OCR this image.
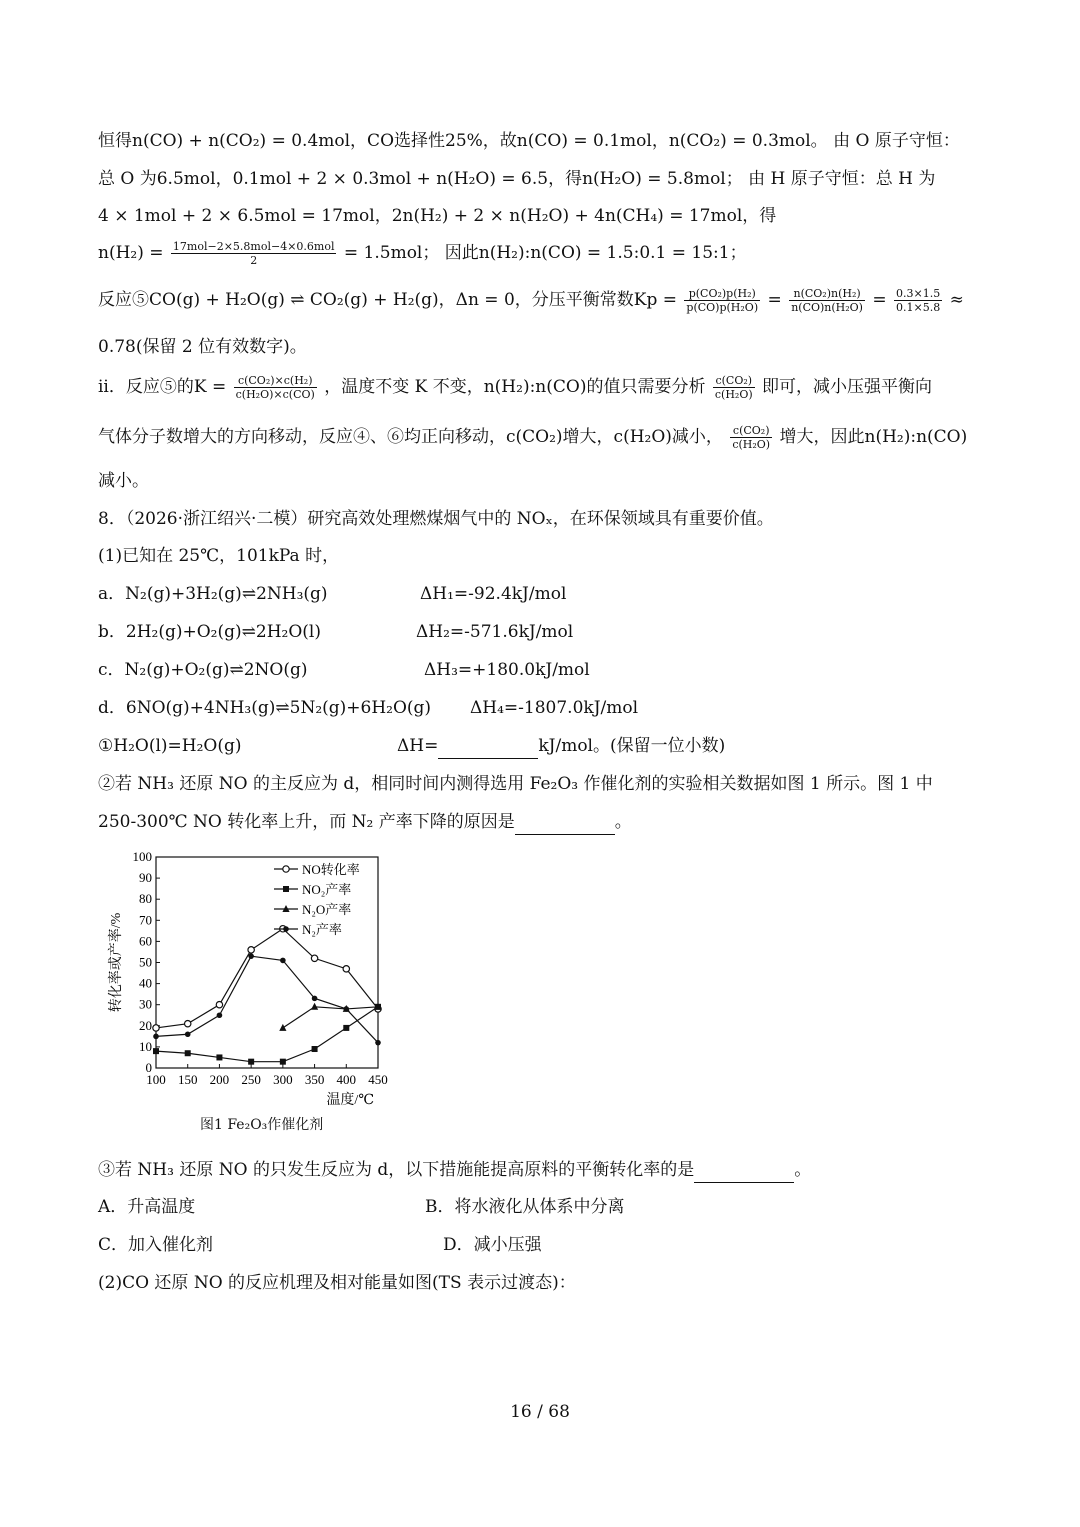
恒得n(CO) + n(CO₂) = 0.4mol，CO选择性25%，故n(CO) = 0.1mol，n(CO₂) = 0.3mol。 由 O 原子守恒：
总 O 为6.5mol，0.1mol + 2 × 0.3mol + n(H₂O) = 6.5，得n(H₂O) = 5.8mol； 由 H 原子守恒：总 H 为
4 × 1mol + 2 × 6.5mol = 17mol，2n(H₂) + 2 × n(H₂O) + 4n(CH₄) = 17mol，得
$n(H_2) = \frac{\text{17mol−2×5.8mol−4×0.6mol}}{2} = 1.5mol$； 因此n(H₂):n(CO) = 1.5:0.1 = 15:1；
反应⑤CO(g) + H₂O(g) ⇌ CO₂(g) + H₂(g)，Δn = 0，分压平衡常数$Kp = \frac{\text{p(CO₂)p(H₂)}}{\text{p(CO)p(H₂O)}} = \frac{\text{n(CO₂)n(H₂)}}{\text{n(CO)n(H₂O)}} = \frac{0.3\times 1.5}{0.1\times 5.8}$ ≈
0.78(保留 2 位有效数字)。
ii．反应⑤的$K = \frac{\text{c(CO₂)×c(H₂)}}{\text{c(H₂O)×c(CO)}}$ ，温度不变 K 不变，n(H₂):n(CO)的值只需要分析 $\frac{\text{c(CO₂)}}{\text{c(H₂O)}}$ 即可，减小压强平衡向
气体分子数增大的方向移动，反应④、⑥均正向移动，c(CO₂)增大，c(H₂O)减小， $\frac{\text{c(CO₂)}}{\text{c(H₂O)}}$ 增大，因此n(H₂):n(CO)
减小。
8．（2026·浙江绍兴·二模）研究高效处理燃煤烟气中的 NOₓ，在环保领域具有重要价值。
(1)已知在 25℃，101kPa 时，
a．N₂(g)+3H₂(g)⇌2NH₃(g)	ΔH₁=-92.4kJ/mol
b．2H₂(g)+O₂(g)⇌2H₂O(l)	ΔH₂=-571.6kJ/mol
c．N₂(g)+O₂(g)⇌2NO(g)	ΔH₃=+180.0kJ/mol
d．6NO(g)+4NH₃(g)⇌5N₂(g)+6H₂O(g) ΔH₄=-1807.0kJ/mol
①H₂O(l)=H₂O(g)	ΔH=	kJ/mol。(保留一位小数)
②若 NH₃ 还原 NO 的主反应为 d，相同时间内测得选用 Fe₂O₃ 作催化剂的实验相关数据如图 1 所示。图 1 中
250-300℃ NO 转化率上升，而 N₂ 产率下降的原因是	。
0
10
20
30
40
50
60
70
80
90
100
100 150 200 250 300 350 400 450
温度/℃
转化率或产率/%
NO转化率
NO₂产率
N₂O产率
N₂产率
图1 Fe₂O₃作催化剂
③若 NH₃ 还原 NO 的只发生反应为 d，以下措施能提高原料的平衡转化率的是	。
A．升高温度	B．将水液化从体系中分离
C．加入催化剂	D．减小压强
(2)CO 还原 NO 的反应机理及相对能量如图(TS 表示过渡态)：
16 / 68
